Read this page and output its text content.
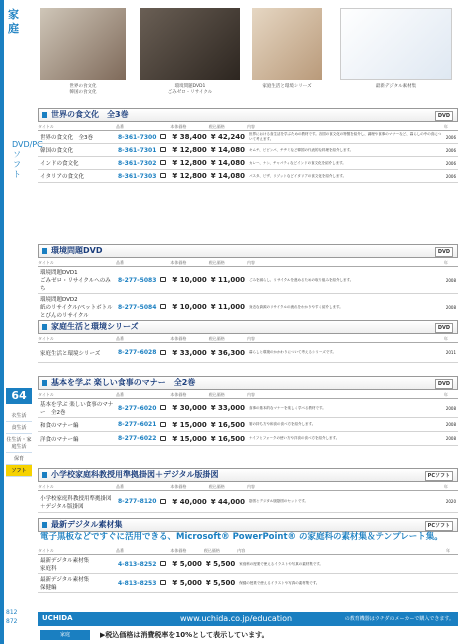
家庭
DVD/PCソフト
64
衣生活
食生活
住生活・家庭生活
保育
ソフト
812
872
世界の食文化
韓国の食文化
環境問題DVD1
ごみゼロ・リサイクル
家庭生活と環境シリーズ	最新デジタル素材集
世界の食文化　全3巻	DVD
タイトル	品番		本体価格	税込価格	内容	年
世界の食文化　全3巻	8-361-7300		¥ 38,400	¥ 42,240	世界における食生活を学ぶための教材です。各国の食文化の特徴を紹介し、調理や食事のマナーなど、暮らしの中の食について考えます。	2006
韓国の食文化	8-361-7301		¥ 12,800	¥ 14,080	キムチ、ビビンバ、チヂミなど韓国の代表的な料理を紹介します。	2006
インドの食文化	8-361-7302		¥ 12,800	¥ 14,080	カレー、ナン、チャパティなどインドの食文化を紹介します。	2006
イタリアの食文化	8-361-7303		¥ 12,800	¥ 14,080	パスタ、ピザ、リゾットなどイタリアの食文化を紹介します。	2006
環境問題DVD	DVD
タイトル	品番		本体価格	税込価格	内容	年
環境問題DVD1
ごみゼロ・リサイクルへのみち	8-277-5083		¥ 10,000	¥ 11,000	ごみを減らし、リサイクルを進めるための取り組みを紹介します。	2008
環境問題DVD2
紙のリサイクル/ペットボトルとびんのリサイクル	8-277-5084		¥ 10,000	¥ 11,000	身近な資源のリサイクルの流れをわかりやすく紹介します。	2008
家庭生活と環境シリーズ	DVD
タイトル	品番		本体価格	税込価格	内容	年
家庭生活と環境シリーズ	8-277-6028		¥ 33,000	¥ 36,300	暮らしと環境のかかわりについて考えるシリーズです。	2011
基本を学ぶ 楽しい食事のマナー　全2巻	DVD
タイトル	品番		本体価格	税込価格	内容	年
基本を学ぶ 楽しい食事のマナー　全2巻	8-277-6020		¥ 30,000	¥ 33,000	食事の基本的なマナーを楽しく学べる教材です。	2008
和食のマナー編	8-277-6021		¥ 15,000	¥ 16,500	箸の持ち方や和食の食べ方を紹介します。	2008
洋食のマナー編	8-277-6022		¥ 15,000	¥ 16,500	ナイフとフォークの使い方や洋食の食べ方を紹介します。	2008
小学校家庭科教授用準拠掛図＋デジタル版掛図	PCソフト
タイトル	品番		本体価格	税込価格	内容	年
小学校家庭科教授用準拠掛図＋デジタル版掛図	8-277-8120		¥ 40,000	¥ 44,000	掛図とデジタル版掛図のセットです。	2020
最新デジタル素材集	PCソフト
タイトル	品番		本体価格	税込価格	内容	年
最新デジタル素材集
家庭科	4-813-8252		¥ 5,000	¥ 5,500	家庭科の授業で使えるイラストや写真の素材集です。	
最新デジタル素材集
保健編	4-813-8253		¥ 5,000	¥ 5,500	保健の授業で使えるイラストや写真の素材集です。	
電子黒板などですぐに活用できる、Microsoft® PowerPoint® の家庭科の素材集＆テンプレート集。
UCHIDA	www.uchida.co.jp/education	の教育機器はウチダのメーカーで購入できます。
家庭	▶税込価格は消費税率を10%として表示しています。
